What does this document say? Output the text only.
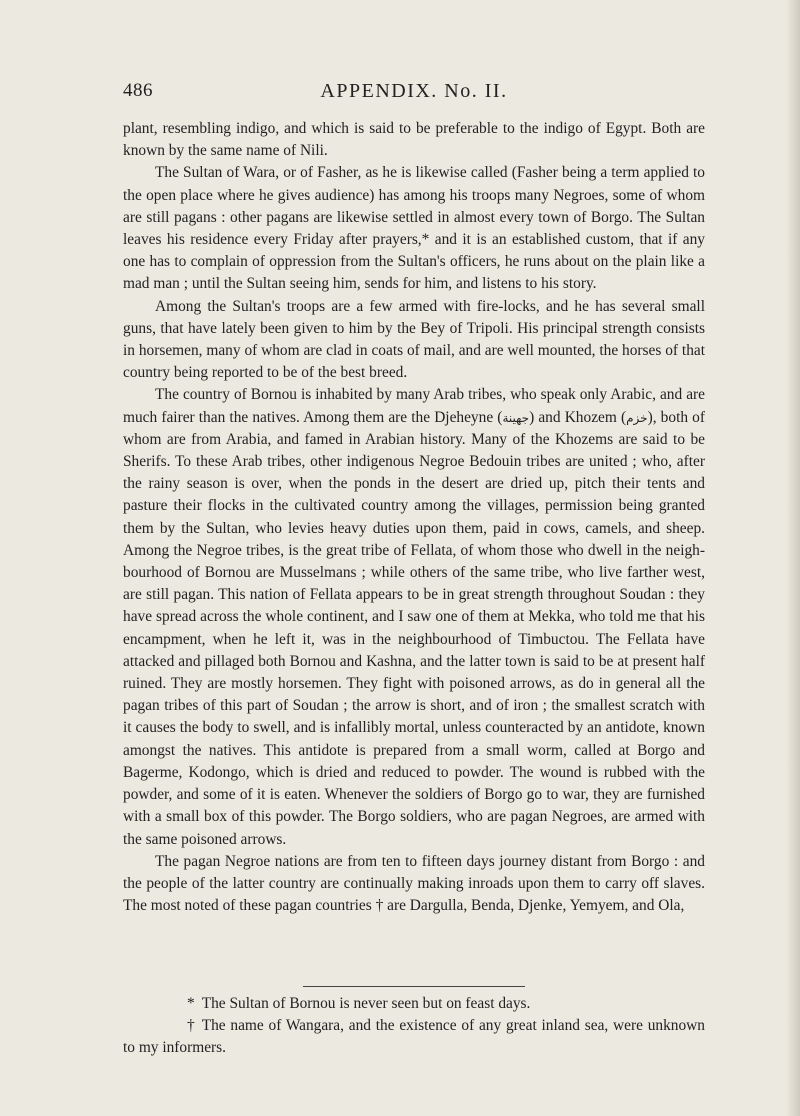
APPENDIX. No. II.
486

plant, resembling indigo, and which is said to be preferable to the indigo of Egypt. Both are known by the same name of Nili.

The Sultan of Wara, or of Fasher, as he is likewise called (Fasher being a term applied to the open place where he gives audience) has among his troops many Negroes, some of whom are still pagans : other pagans are likewise settled in almost every town of Borgo. The Sultan leaves his residence every Friday after prayers,* and it is an established custom, that if any one has to complain of oppression from the Sultan's officers, he runs about on the plain like a mad man ; until the Sultan seeing him, sends for him, and listens to his story.

Among the Sultan's troops are a few armed with fire-locks, and he has several small guns, that have lately been given to him by the Bey of Tripoli. His principal strength consists in horsemen, many of whom are clad in coats of mail, and are well mounted, the horses of that country being reported to be of the best breed.

The country of Bornou is inhabited by many Arab tribes, who speak only Arabic, and are much fairer than the natives. Among them are the Djeheyne (جهينة) and Khozem (خزم), both of whom are from Arabia, and famed in Arabian history. Many of the Khozems are said to be Sherifs. To these Arab tribes, other indigenous Negroe Bedouin tribes are united ; who, after the rainy season is over, when the ponds in the desert are dried up, pitch their tents and pasture their flocks in the cultivated country among the villages, permission being granted them by the Sultan, who levies heavy duties upon them, paid in cows, camels, and sheep. Among the Negroe tribes, is the great tribe of Fellata, of whom those who dwell in the neigh-bourhood of Bornou are Musselmans ; while others of the same tribe, who live farther west, are still pagan. This nation of Fellata appears to be in great strength throughout Soudan : they have spread across the whole continent, and I saw one of them at Mekka, who told me that his encampment, when he left it, was in the neighbourhood of Timbuctou. The Fellata have attacked and pillaged both Bornou and Kashna, and the latter town is said to be at present half ruined. They are mostly horsemen. They fight with poisoned arrows, as do in general all the pagan tribes of this part of Soudan ; the arrow is short, and of iron ; the smallest scratch with it causes the body to swell, and is infallibly mortal, unless counteracted by an antidote, known amongst the natives. This antidote is prepared from a small worm, called at Borgo and Bagerme, Kodongo, which is dried and reduced to powder. The wound is rubbed with the powder, and some of it is eaten. Whenever the soldiers of Borgo go to war, they are furnished with a small box of this powder. The Borgo soldiers, who are pagan Negroes, are armed with the same poisoned arrows.

The pagan Negroe nations are from ten to fifteen days journey distant from Borgo : and the people of the latter country are continually making inroads upon them to carry off slaves. The most noted of these pagan countries † are Dargulla, Benda, Djenke, Yemyem, and Ola,

* The Sultan of Bornou is never seen but on feast days.

† The name of Wangara, and the existence of any great inland sea, were unknown to my informers.
